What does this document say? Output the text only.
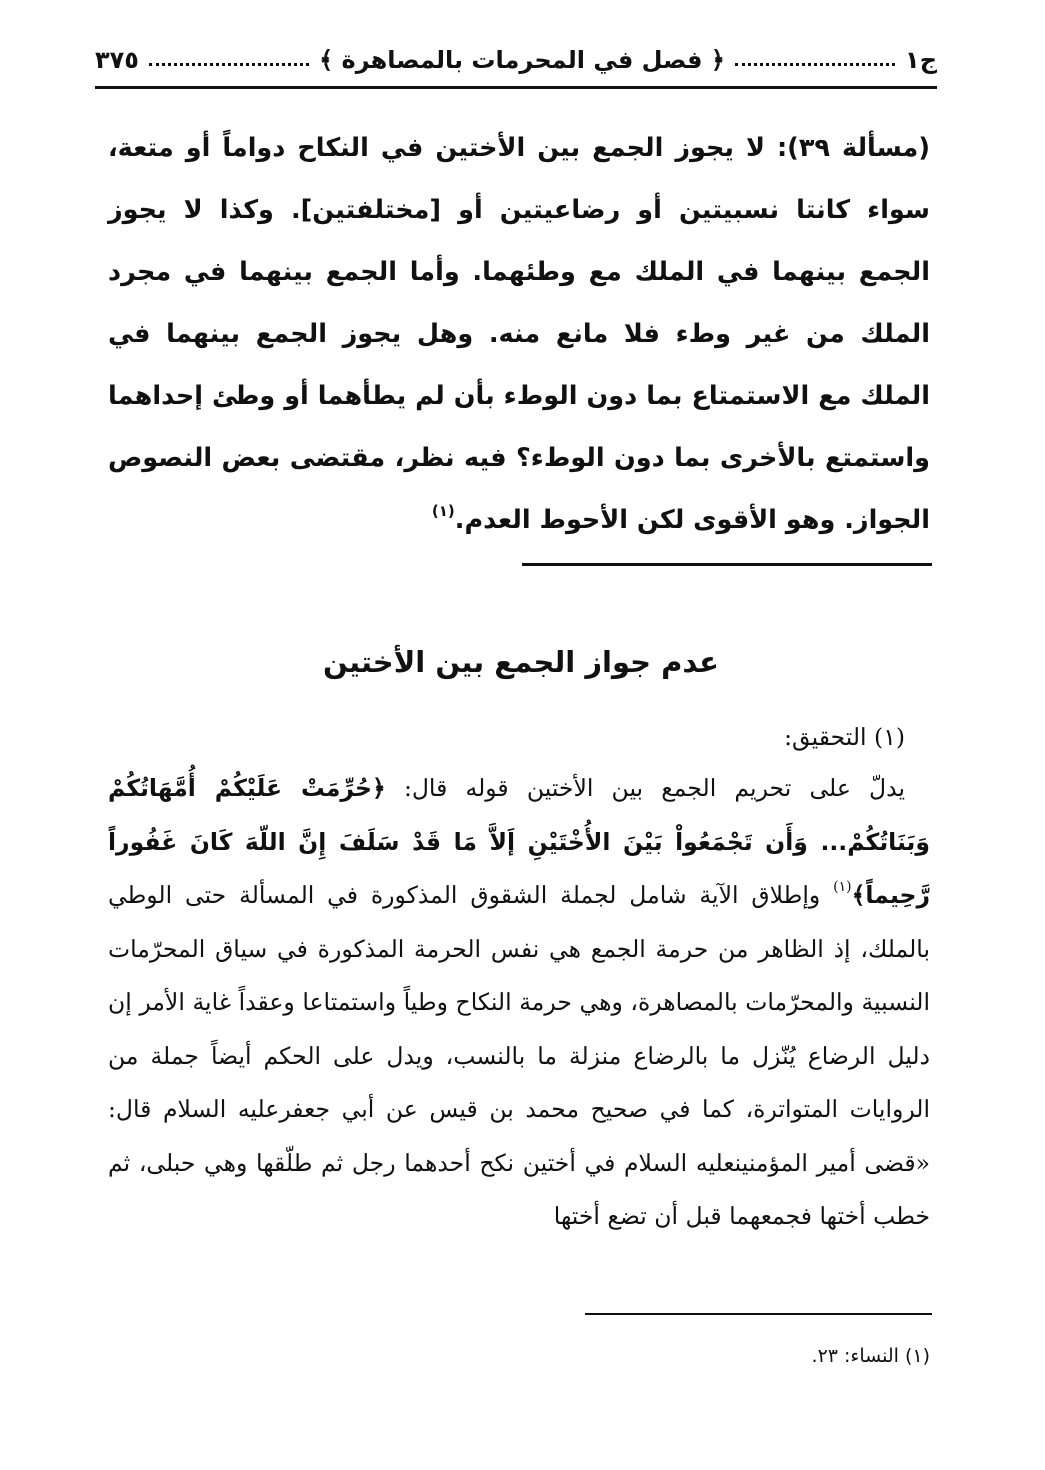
ج١
﴿ فصل في المحرمات بالمصاهرة ﴾
٣٧٥

(مسألة ٣٩): لا يجوز الجمع بين الأختين في النكاح دواماً أو متعة، سواء كانتا نسبيتين أو رضاعيتين أو [مختلفتين]. وكذا لا يجوز الجمع بينهما في الملك مع وطئهما. وأما الجمع بينهما في مجرد الملك من غير وطء فلا مانع منه. وهل يجوز الجمع بينهما في الملك مع الاستمتاع بما دون الوطء بأن لم يطأهما أو وطئ إحداهما واستمتع بالأخرى بما دون الوطء؟ فيه نظر، مقتضى بعض النصوص الجواز. وهو الأقوى لكن الأحوط العدم.$^{(١)}$

عدم جواز الجمع بين الأختين

(١) التحقيق:

يدلّ على تحريم الجمع بين الأختين قوله قال: ﴿حُرِّمَتْ عَلَيْكُمْ أُمَّهَاتُكُمْ وَبَنَاتُكُمْ... وَأَن تَجْمَعُواْ بَيْنَ الأُخْتَيْنِ إَلاَّ مَا قَدْ سَلَفَ إِنَّ اللّهَ كَانَ غَفُوراً رَّحِيماً﴾$^{(١)}$ وإطلاق الآية شامل لجملة الشقوق المذكورة في المسألة حتى الوطي بالملك، إذ الظاهر من حرمة الجمع هي نفس الحرمة المذكورة في سياق المحرّمات النسبية والمحرّمات بالمصاهرة، وهي حرمة النكاح وطياً واستمتاعا وعقداً غاية الأمر إن دليل الرضاع يُنّزل ما بالرضاع منزلة ما بالنسب، ويدل على الحكم أيضاً جملة من الروايات المتواترة، كما في صحيح محمد بن قيس عن أبي جعفرعليه السلام قال: «قضى أمير المؤمنينعليه السلام في أختين نكح أحدهما رجل ثم طلّقها وهي حبلى، ثم خطب أختها فجمعهما قبل أن تضع أختها

(١) النساء: ٢٣.
